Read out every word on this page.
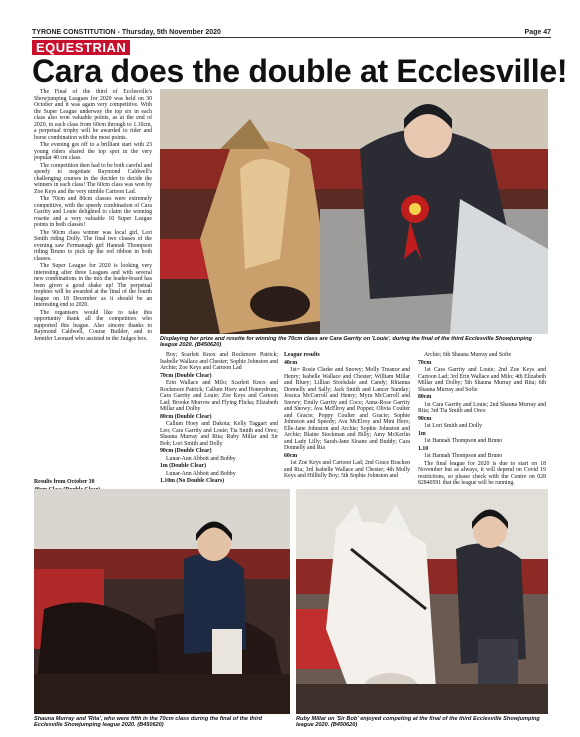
TYRONE CONSTITUTION - Thursday, 5th November 2020	Page 47
EQUESTRIAN
Cara does the double at Ecclesville!

The Final of the third of Ecclesville's Showjumping Leagues for 2020 was held on 30 October and it was again very competitive. With the Super League underway the top six in each class also won valuable points, as at the end of 2020, in each class from 60cm through to 1.10cm, a perpetual trophy will be awarded to rider and horse combination with the most points.

The evening got off to a brilliant start with 23 young riders shared the top spot in the very popular 40 cm class.

The competition then had to be both careful and speedy to negotiate Raymond Caldwell's challenging courses in the decider to decide the winners in each class! The 60cm class was won by Zoe Keys and the very nimble Cartoon Lad.

The 70cm and 80cm classes were extremely competitive, with the speedy combination of Cara Garrity and Louie delighted to claim the winning rosette and a very valuable 10 Super League points in both classes!

The 90cm class winner was local girl, Lori Smith riding Dolly. The final two classes of the evening saw Fermanagh girl Hannah Thompson riding Bruno to pick up the red ribbon in both classes.

The Super League for 2020 is looking very interesting after three Leagues and with several new combinations in the mix the leader-board has been given a good shake up! The perpetual trophies will be awarded at the final of the fourth league on 18 December as it should be an interesting end to 2020.

The organisers would like to take this opportunity thank all the competitors who supported this league. Also sincere thanks to Raymond Caldwell, Course Builder, and to Jennifer Leonard who assisted in the Judges box.

Results from October 30

Boy; Scarlett Knox and Rockmore Patrick; Isabelle Wallace and Chester; Sophie Johnston and Archie; Zoe Keys and Cartoon Lad

70cm (Double Clear)

Erin Wallace and Milo; Scarlett Knox and Rockmore Patrick; Callum Hoey and Honeydrum; Cara Garrity and Louie; Zoe Keys and Cartoon Lad; Brooke Morrow and Flying Flicka; Elizabeth Millar and Dolby

80cm (Double Clear)

Callum Hoey and Dakota; Kelly Taggart and Leo; Cara Garrity and Louie; Tia Smith and Oreo; Shauna Murray and Rita; Ruby Millar and Sir Bob; Lori Smith and Dolly

90cm (Double Clear)

Lunar-Ann Abbott and Bobby

1m (Double Clear)

Lunar-Ann Abbott and Bobby

1.10m (No Double Clears)

League results

40cm

1st= Rosie Clarke and Snowy; Molly Treanor and Henry; Isabelle Wallace and Chester; William Millar and Bluey; Lillian Stockdale and Candy; Rhianna Donnelly and Sally; Jack Smith and Lancer Sunday; Jessica McCarroll and Henry; Myra McCarroll and Snowy; Emily Garrity and Coco; Anna-Rose Garrity and Snowy; Ava McElroy and Poppet; Olivia Coulter and Gracie; Poppy Coulter and Gracie; Sophie Johnston and Speedy; Ava McElroy and Mini Hero; Elle-Jane Johnston and Archie; Sophie Johnston and Archie; Blaine Stockman and Billy; Amy McKerlin and Lady Lilly; Sarah-Jane Sloane and Buddy; Cara Donnelly and Ria

60cm

1st Zoe Keys and Cartoon Lad; 2nd Grace Bracken and Ria; 3rd Isabelle Wallace and Chester; 4th Molly Keys and Hillbilly Boy; 5th Sophie Johnston and

Archie; 6th Shauna Murray and Sofie

70cm

1st Cara Garrity and Louie; 2nd Zoe Keys and Cartoon Lad; 3rd Erin Wallace and Milo; 4th Elizabeth Millar and Dolby; 5th Shauna Murray and Rita; 6th Shauna Murray and Sofie

80cm

1st Cara Garrity and Louie; 2nd Shauna Murray and Rita; 3rd Tia Smith and Oreo

90cm

1st Lori Smith and Dolly

1m

1st Hannah Thompson and Bruno

1.10

1st Hannah Thompson and Bruno

The final league for 2020 is due to start on 18 November but as always, it will depend on Covid 19 restrictions, so please check with the Centre on 028 82840591 that the league will be running.

Displaying her prize and rosette for winning the 70cm class are Cara Garrity on 'Louie', during the final of the third Ecclesville Showjumping league 2020. (B450620)
Shauna Murray and 'Rita', who were fifth in the 70cm class during the final of the third Ecclesville Showjumping league 2020. (B450620)
Ruby Millar on 'Sir Bob' enjoyed competing at the final of the third Ecclesville Showjumping league 2020. (B450620)
